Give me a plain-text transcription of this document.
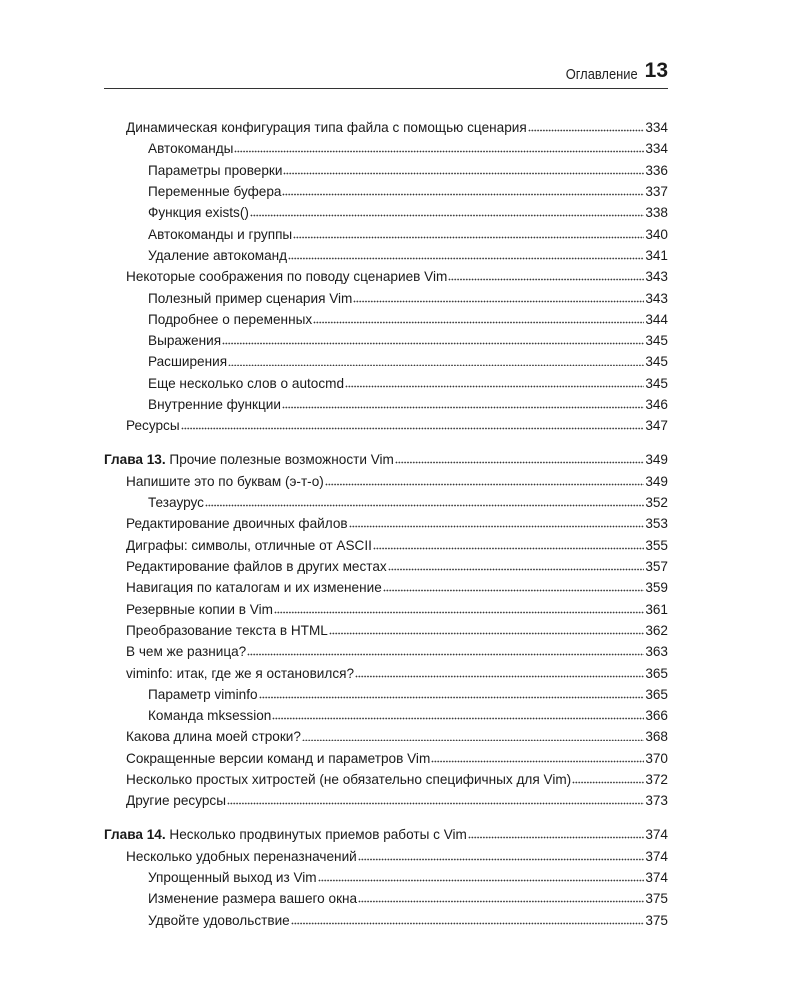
Оглавление 13
Динамическая конфигурация типа файла с помощью сценария	334
Автокоманды	334
Параметры проверки	336
Переменные буфера	337
Функция exists()	338
Автокоманды и группы	340
Удаление автокоманд	341
Некоторые соображения по поводу сценариев Vim	343
Полезный пример сценария Vim	343
Подробнее о переменных	344
Выражения	345
Расширения	345
Еще несколько слов о autocmd	345
Внутренние функции	346
Ресурсы	347
Глава 13. Прочие полезные возможности Vim	349
Напишите это по буквам (э-т-о)	349
Тезаурус	352
Редактирование двоичных файлов	353
Диграфы: символы, отличные от ASCII	355
Редактирование файлов в других местах	357
Навигация по каталогам и их изменение	359
Резервные копии в Vim	361
Преобразование текста в HTML	362
В чем же разница?	363
viminfo: итак, где же я остановился?	365
Параметр viminfo	365
Команда mksession	366
Какова длина моей строки?	368
Сокращенные версии команд и параметров Vim	370
Несколько простых хитростей (не обязательно специфичных для Vim)	372
Другие ресурсы	373
Глава 14. Несколько продвинутых приемов работы с Vim	374
Несколько удобных переназначений	374
Упрощенный выход из Vim	374
Изменение размера вашего окна	375
Удвойте удовольствие	375
